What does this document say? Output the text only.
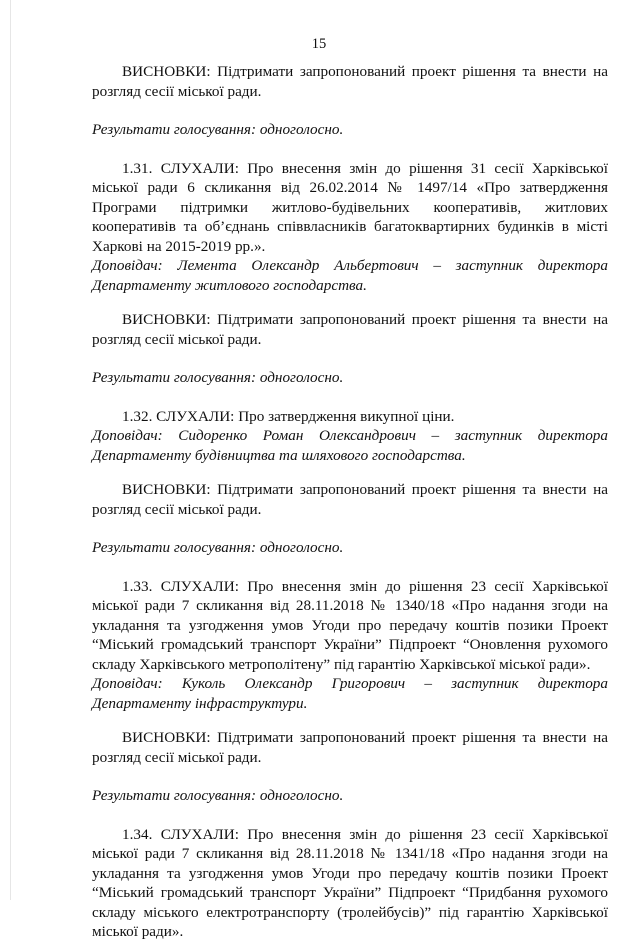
15

ВИСНОВКИ: Підтримати запропонований проект рішення та внести на розгляд сесії міської ради.

Результати голосування: одноголосно.

1.31. СЛУХАЛИ: Про внесення змін до рішення 31 сесії Харківської міської ради 6 скликання від 26.02.2014 № 1497/14 «Про затвердження Програми підтримки житлово-будівельних кооперативів, житлових кооперативів та об’єднань співвласників багатоквартирних будинків в місті Харкові на 2015-2019 рр.».

Доповідач: Лемента Олександр Альбертович – заступник директора Департаменту житлового господарства.

ВИСНОВКИ: Підтримати запропонований проект рішення та внести на розгляд сесії міської ради.

Результати голосування: одноголосно.

1.32. СЛУХАЛИ: Про затвердження викупної ціни.

Доповідач: Сидоренко Роман Олександрович – заступник директора Департаменту будівництва та шляхового господарства.

ВИСНОВКИ: Підтримати запропонований проект рішення та внести на розгляд сесії міської ради.

Результати голосування: одноголосно.

1.33. СЛУХАЛИ: Про внесення змін до рішення 23 сесії Харківської міської ради 7 скликання від 28.11.2018 № 1340/18 «Про надання згоди на укладання та узгодження умов Угоди про передачу коштів позики Проект “Міський громадський транспорт України” Підпроект “Оновлення рухомого складу Харківського метрополітену” під гарантію Харківської міської ради».

Доповідач: Куколь Олександр Григорович – заступник директора Департаменту інфраструктури.

ВИСНОВКИ: Підтримати запропонований проект рішення та внести на розгляд сесії міської ради.

Результати голосування: одноголосно.

1.34. СЛУХАЛИ: Про внесення змін до рішення 23 сесії Харківської міської ради 7 скликання від 28.11.2018 № 1341/18 «Про надання згоди на укладання та узгодження умов Угоди про передачу коштів позики Проект “Міський громадський транспорт України” Підпроект “Придбання рухомого складу міського електротранспорту (тролейбусів)” під гарантію Харківської міської ради».
